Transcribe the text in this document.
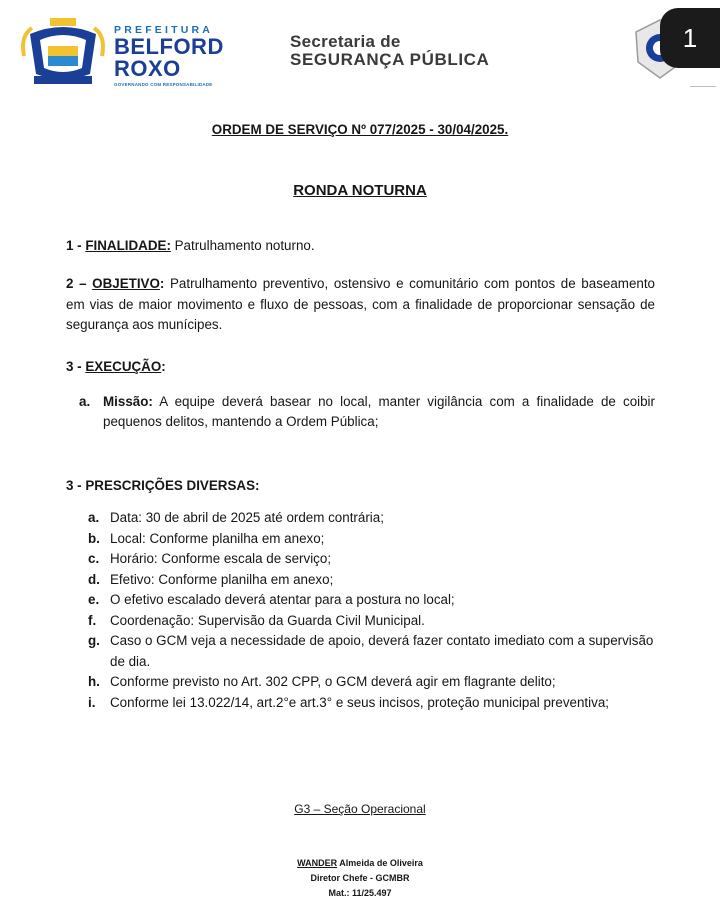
PREFEITURA
BELFORD
ROXO
GOVERNANDO COM RESPONSABILIDADE
Secretaria de
SEGURANÇA PÚBLICA
1
ORDEM DE SERVIÇO Nº 077/2025 - 30/04/2025.
RONDA NOTURNA
1 - FINALIDADE: Patrulhamento noturno.
2 – OBJETIVO: Patrulhamento preventivo, ostensivo e comunitário com pontos de baseamento em vias de maior movimento e fluxo de pessoas, com a finalidade de proporcionar sensação de segurança aos munícipes.
3 - EXECUÇÃO:
a. Missão: A equipe deverá basear no local, manter vigilância com a finalidade de coibir pequenos delitos, mantendo a Ordem Pública;
3 - PRESCRIÇÕES DIVERSAS:
a. Data: 30 de abril de 2025 até ordem contrária;
b. Local: Conforme planilha em anexo;
c. Horário: Conforme escala de serviço;
d. Efetivo: Conforme planilha em anexo;
e. O efetivo escalado deverá atentar para a postura no local;
f. Coordenação: Supervisão da Guarda Civil Municipal.
g. Caso o GCM veja a necessidade de apoio, deverá fazer contato imediato com a supervisão de dia.
h. Conforme previsto no Art. 302 CPP, o GCM deverá agir em flagrante delito;
i. Conforme lei 13.022/14, art.2°e art.3° e seus incisos, proteção municipal preventiva;
G3 – Seção Operacional
WANDER Almeida de Oliveira
Diretor Chefe - GCMBR
Mat.: 11/25.497
